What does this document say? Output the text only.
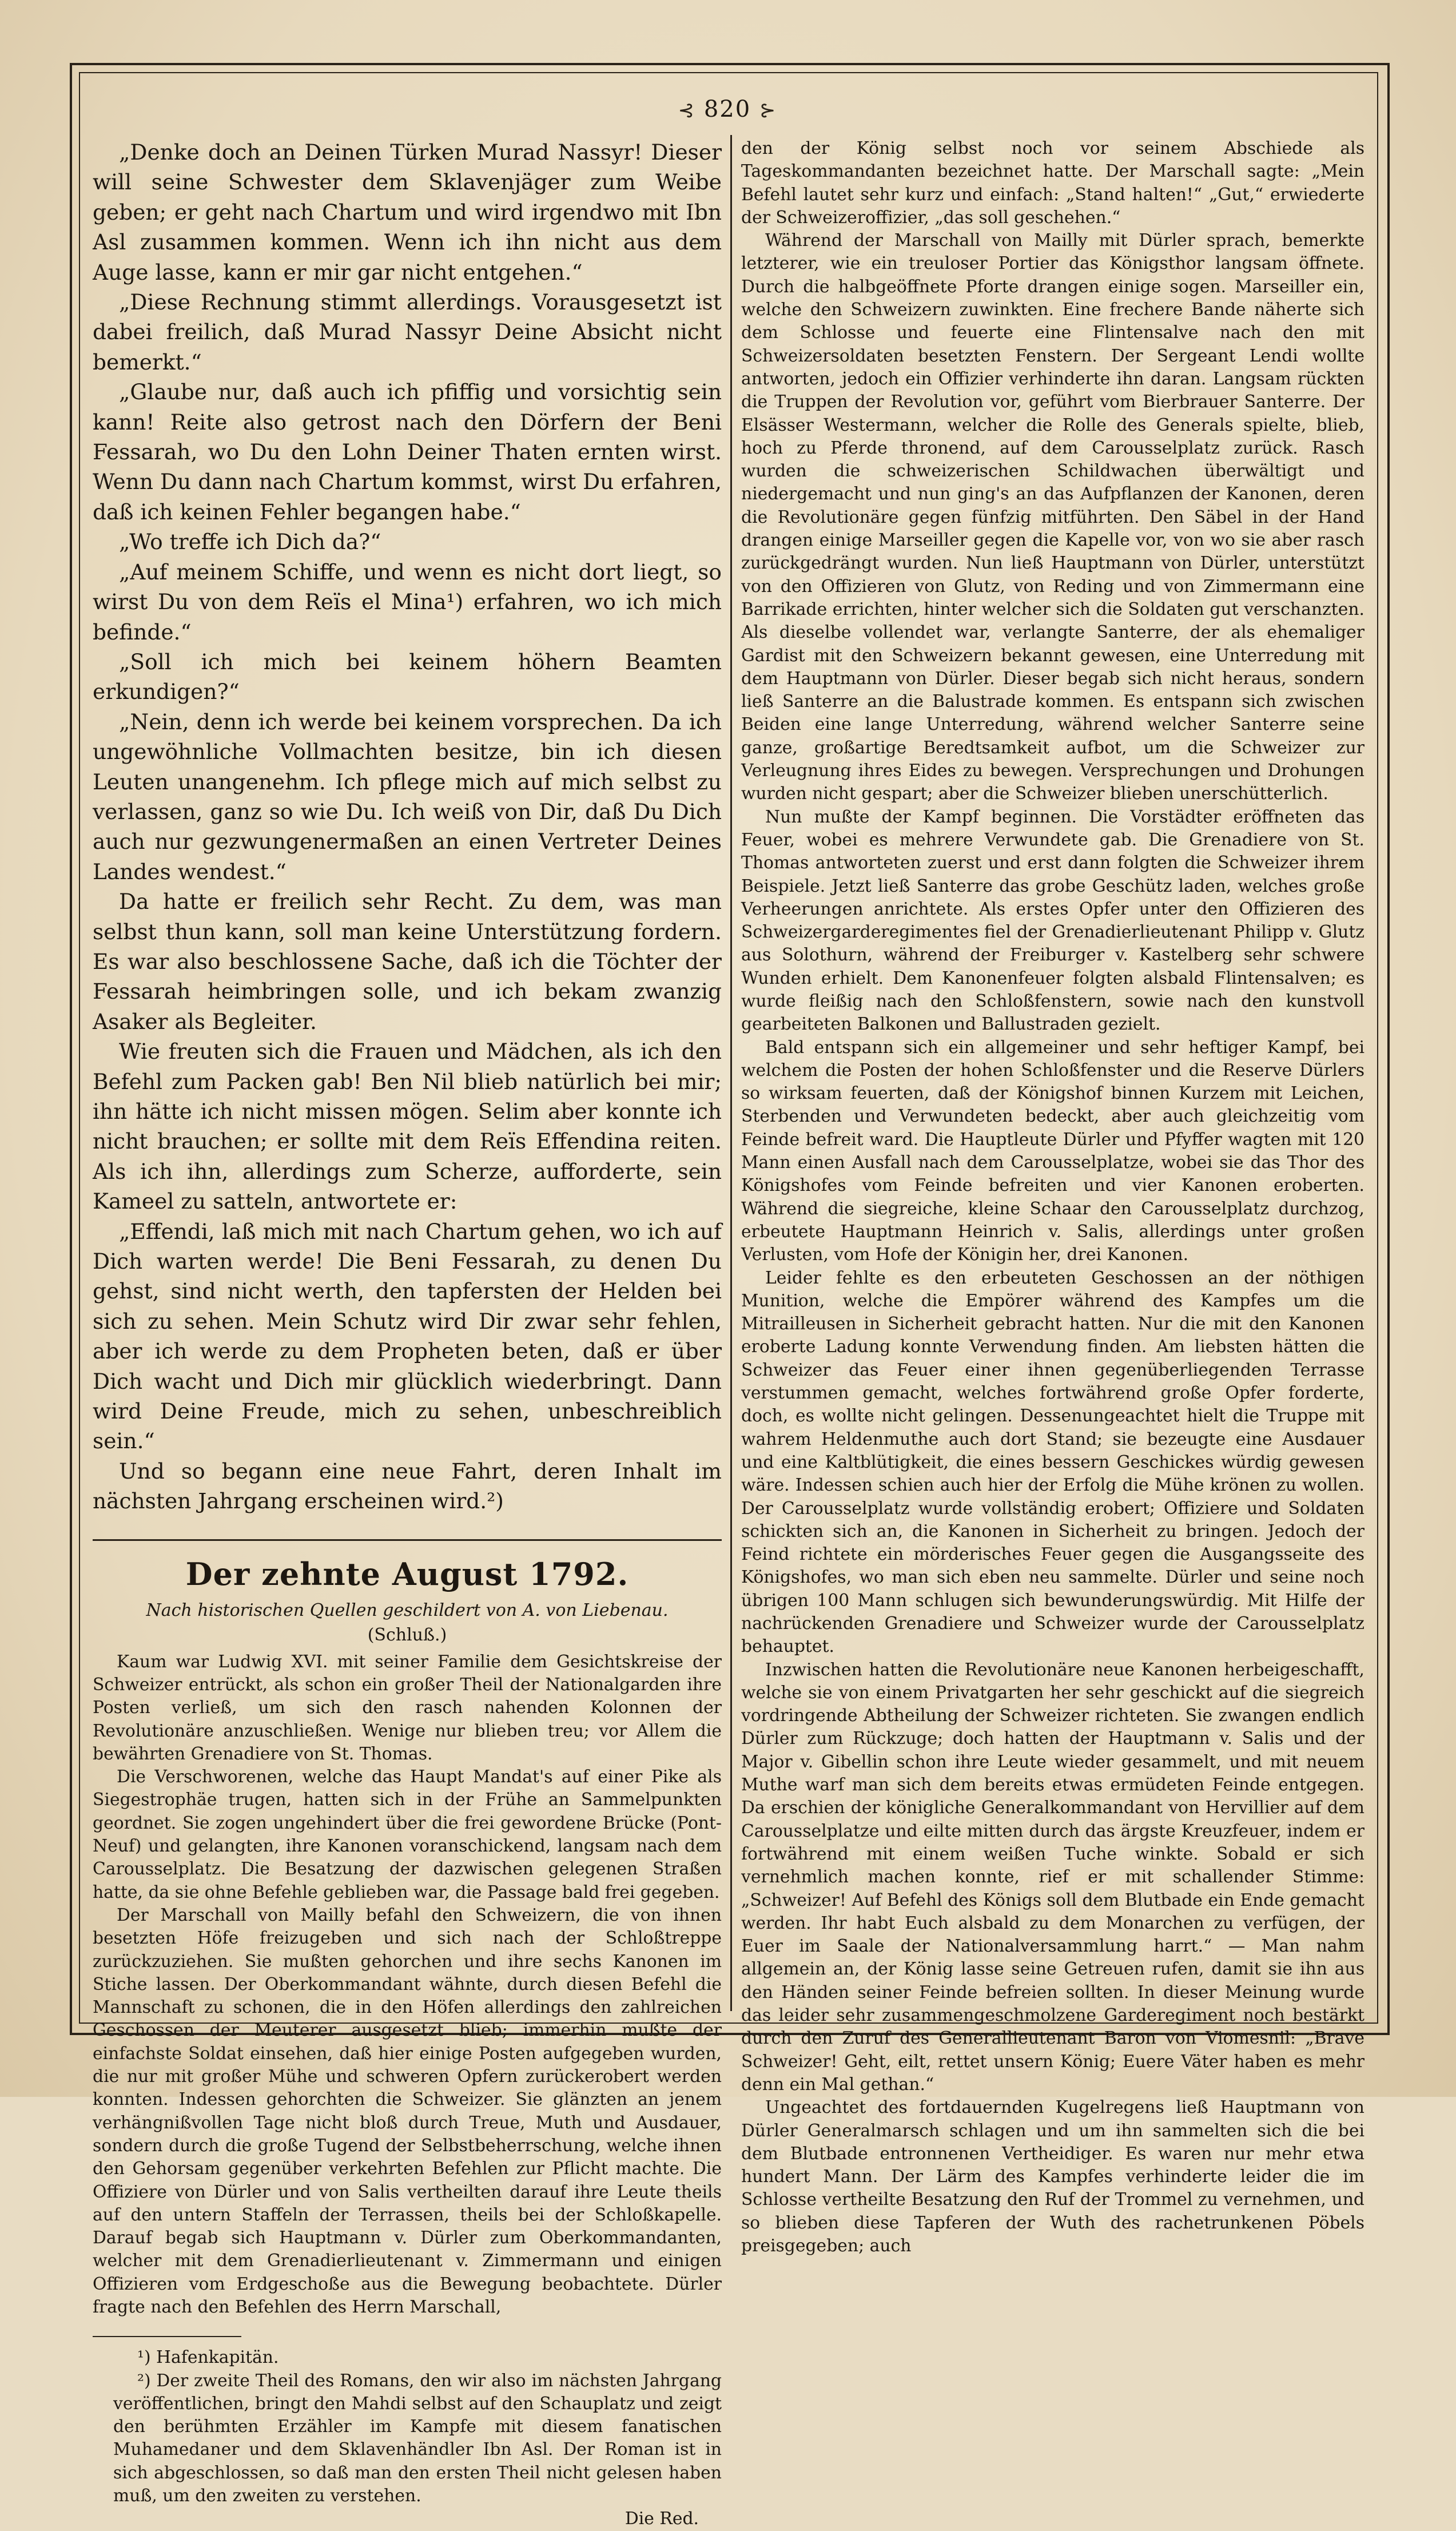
⊰ 820 ⊱

„Denke doch an Deinen Türken Murad Nassyr! Dieser will seine Schwester dem Sklavenjäger zum Weibe geben; er geht nach Chartum und wird irgendwo mit Ibn Asl zusammen kommen. Wenn ich ihn nicht aus dem Auge lasse, kann er mir gar nicht entgehen.“

„Diese Rechnung stimmt allerdings. Vorausgesetzt ist dabei freilich, daß Murad Nassyr Deine Absicht nicht bemerkt.“

„Glaube nur, daß auch ich pfiffig und vorsichtig sein kann! Reite also getrost nach den Dörfern der Beni Fessarah, wo Du den Lohn Deiner Thaten ernten wirst. Wenn Du dann nach Chartum kommst, wirst Du erfahren, daß ich keinen Fehler begangen habe.“

„Wo treffe ich Dich da?“

„Auf meinem Schiffe, und wenn es nicht dort liegt, so wirst Du von dem Reïs el Mina¹) erfahren, wo ich mich befinde.“

„Soll ich mich bei keinem höhern Beamten erkundigen?“

„Nein, denn ich werde bei keinem vorsprechen. Da ich ungewöhnliche Vollmachten besitze, bin ich diesen Leuten unangenehm. Ich pflege mich auf mich selbst zu verlassen, ganz so wie Du. Ich weiß von Dir, daß Du Dich auch nur gezwungenermaßen an einen Vertreter Deines Landes wendest.“

Da hatte er freilich sehr Recht. Zu dem, was man selbst thun kann, soll man keine Unterstützung fordern. Es war also beschlossene Sache, daß ich die Töchter der Fessarah heimbringen solle, und ich bekam zwanzig Asaker als Begleiter.

Wie freuten sich die Frauen und Mädchen, als ich den Befehl zum Packen gab! Ben Nil blieb natürlich bei mir; ihn hätte ich nicht missen mögen. Selim aber konnte ich nicht brauchen; er sollte mit dem Reïs Effendina reiten. Als ich ihn, allerdings zum Scherze, aufforderte, sein Kameel zu satteln, antwortete er:

„Effendi, laß mich mit nach Chartum gehen, wo ich auf Dich warten werde! Die Beni Fessarah, zu denen Du gehst, sind nicht werth, den tapfersten der Helden bei sich zu sehen. Mein Schutz wird Dir zwar sehr fehlen, aber ich werde zu dem Propheten beten, daß er über Dich wacht und Dich mir glücklich wiederbringt. Dann wird Deine Freude, mich zu sehen, unbeschreiblich sein.“

Und so begann eine neue Fahrt, deren Inhalt im nächsten Jahrgang erscheinen wird.²)

Der zehnte August 1792.
Nach historischen Quellen geschildert von A. von Liebenau.
(Schluß.)

Kaum war Ludwig XVI. mit seiner Familie dem Gesichtskreise der Schweizer entrückt, als schon ein großer Theil der Nationalgarden ihre Posten verließ, um sich den rasch nahenden Kolonnen der Revolutionäre anzuschließen. Wenige nur blieben treu; vor Allem die bewährten Grenadiere von St. Thomas.

Die Verschworenen, welche das Haupt Mandat's auf einer Pike als Siegestrophäe trugen, hatten sich in der Frühe an Sammelpunkten geordnet. Sie zogen ungehindert über die frei gewordene Brücke (Pont-Neuf) und gelangten, ihre Kanonen voranschickend, langsam nach dem Carousselplatz. Die Besatzung der dazwischen gelegenen Straßen hatte, da sie ohne Befehle geblieben war, die Passage bald frei gegeben.

Der Marschall von Mailly befahl den Schweizern, die von ihnen besetzten Höfe freizugeben und sich nach der Schloßtreppe zurückzuziehen. Sie mußten gehorchen und ihre sechs Kanonen im Stiche lassen. Der Oberkommandant wähnte, durch diesen Befehl die Mannschaft zu schonen, die in den Höfen allerdings den zahlreichen Geschossen der Meuterer ausgesetzt blieb; immerhin mußte der einfachste Soldat einsehen, daß hier einige Posten aufgegeben wurden, die nur mit großer Mühe und schweren Opfern zurückerobert werden konnten. Indessen gehorchten die Schweizer. Sie glänzten an jenem verhängnißvollen Tage nicht bloß durch Treue, Muth und Ausdauer, sondern durch die große Tugend der Selbstbeherrschung, welche ihnen den Gehorsam gegenüber verkehrten Befehlen zur Pflicht machte. Die Offiziere von Dürler und von Salis vertheilten darauf ihre Leute theils auf den untern Staffeln der Terrassen, theils bei der Schloßkapelle. Darauf begab sich Hauptmann v. Dürler zum Oberkommandanten, welcher mit dem Grenadierlieutenant v. Zimmermann und einigen Offizieren vom Erdgeschoße aus die Bewegung beobachtete. Dürler fragte nach den Befehlen des Herrn Marschall,

¹) Hafenkapitän.

²) Der zweite Theil des Romans, den wir also im nächsten Jahrgang veröffentlichen, bringt den Mahdi selbst auf den Schauplatz und zeigt den berühmten Erzähler im Kampfe mit diesem fanatischen Muhamedaner und dem Sklavenhändler Ibn Asl. Der Roman ist in sich abgeschlossen, so daß man den ersten Theil nicht gelesen haben muß, um den zweiten zu verstehen.

Die Red.

den der König selbst noch vor seinem Abschiede als Tageskommandanten bezeichnet hatte. Der Marschall sagte: „Mein Befehl lautet sehr kurz und einfach: „Stand halten!“ „Gut,“ erwiederte der Schweizeroffizier, „das soll geschehen.“

Während der Marschall von Mailly mit Dürler sprach, bemerkte letzterer, wie ein treuloser Portier das Königsthor langsam öffnete. Durch die halbgeöffnete Pforte drangen einige sogen. Marseiller ein, welche den Schweizern zuwinkten. Eine frechere Bande näherte sich dem Schlosse und feuerte eine Flintensalve nach den mit Schweizersoldaten besetzten Fenstern. Der Sergeant Lendi wollte antworten, jedoch ein Offizier verhinderte ihn daran. Langsam rückten die Truppen der Revolution vor, geführt vom Bierbrauer Santerre. Der Elsässer Westermann, welcher die Rolle des Generals spielte, blieb, hoch zu Pferde thronend, auf dem Carousselplatz zurück. Rasch wurden die schweizerischen Schildwachen überwältigt und niedergemacht und nun ging's an das Aufpflanzen der Kanonen, deren die Revolutionäre gegen fünfzig mitführten. Den Säbel in der Hand drangen einige Marseiller gegen die Kapelle vor, von wo sie aber rasch zurückgedrängt wurden. Nun ließ Hauptmann von Dürler, unterstützt von den Offizieren von Glutz, von Reding und von Zimmermann eine Barrikade errichten, hinter welcher sich die Soldaten gut verschanzten. Als dieselbe vollendet war, verlangte Santerre, der als ehemaliger Gardist mit den Schweizern bekannt gewesen, eine Unterredung mit dem Hauptmann von Dürler. Dieser begab sich nicht heraus, sondern ließ Santerre an die Balustrade kommen. Es entspann sich zwischen Beiden eine lange Unterredung, während welcher Santerre seine ganze, großartige Beredtsamkeit aufbot, um die Schweizer zur Verleugnung ihres Eides zu bewegen. Versprechungen und Drohungen wurden nicht gespart; aber die Schweizer blieben unerschütterlich.

Nun mußte der Kampf beginnen. Die Vorstädter eröffneten das Feuer, wobei es mehrere Verwundete gab. Die Grenadiere von St. Thomas antworteten zuerst und erst dann folgten die Schweizer ihrem Beispiele. Jetzt ließ Santerre das grobe Geschütz laden, welches große Verheerungen anrichtete. Als erstes Opfer unter den Offizieren des Schweizergarderegimentes fiel der Grenadierlieutenant Philipp v. Glutz aus Solothurn, während der Freiburger v. Kastelberg sehr schwere Wunden erhielt. Dem Kanonenfeuer folgten alsbald Flintensalven; es wurde fleißig nach den Schloßfenstern, sowie nach den kunstvoll gearbeiteten Balkonen und Ballustraden gezielt.

Bald entspann sich ein allgemeiner und sehr heftiger Kampf, bei welchem die Posten der hohen Schloßfenster und die Reserve Dürlers so wirksam feuerten, daß der Königshof binnen Kurzem mit Leichen, Sterbenden und Verwundeten bedeckt, aber auch gleichzeitig vom Feinde befreit ward. Die Hauptleute Dürler und Pfyffer wagten mit 120 Mann einen Ausfall nach dem Carousselplatze, wobei sie das Thor des Königshofes vom Feinde befreiten und vier Kanonen eroberten. Während die siegreiche, kleine Schaar den Carousselplatz durchzog, erbeutete Hauptmann Heinrich v. Salis, allerdings unter großen Verlusten, vom Hofe der Königin her, drei Kanonen.

Leider fehlte es den erbeuteten Geschossen an der nöthigen Munition, welche die Empörer während des Kampfes um die Mitrailleusen in Sicherheit gebracht hatten. Nur die mit den Kanonen eroberte Ladung konnte Verwendung finden. Am liebsten hätten die Schweizer das Feuer einer ihnen gegenüberliegenden Terrasse verstummen gemacht, welches fortwährend große Opfer forderte, doch, es wollte nicht gelingen. Dessenungeachtet hielt die Truppe mit wahrem Heldenmuthe auch dort Stand; sie bezeugte eine Ausdauer und eine Kaltblütigkeit, die eines bessern Geschickes würdig gewesen wäre. Indessen schien auch hier der Erfolg die Mühe krönen zu wollen. Der Carousselplatz wurde vollständig erobert; Offiziere und Soldaten schickten sich an, die Kanonen in Sicherheit zu bringen. Jedoch der Feind richtete ein mörderisches Feuer gegen die Ausgangsseite des Königshofes, wo man sich eben neu sammelte. Dürler und seine noch übrigen 100 Mann schlugen sich bewunderungswürdig. Mit Hilfe der nachrückenden Grenadiere und Schweizer wurde der Carousselplatz behauptet.

Inzwischen hatten die Revolutionäre neue Kanonen herbeigeschafft, welche sie von einem Privatgarten her sehr geschickt auf die siegreich vordringende Abtheilung der Schweizer richteten. Sie zwangen endlich Dürler zum Rückzuge; doch hatten der Hauptmann v. Salis und der Major v. Gibellin schon ihre Leute wieder gesammelt, und mit neuem Muthe warf man sich dem bereits etwas ermüdeten Feinde entgegen. Da erschien der königliche Generalkommandant von Hervillier auf dem Carousselplatze und eilte mitten durch das ärgste Kreuzfeuer, indem er fortwährend mit einem weißen Tuche winkte. Sobald er sich vernehmlich machen konnte, rief er mit schallender Stimme: „Schweizer! Auf Befehl des Königs soll dem Blutbade ein Ende gemacht werden. Ihr habt Euch alsbald zu dem Monarchen zu verfügen, der Euer im Saale der Nationalversammlung harrt.“ — Man nahm allgemein an, der König lasse seine Getreuen rufen, damit sie ihn aus den Händen seiner Feinde befreien sollten. In dieser Meinung wurde das leider sehr zusammengeschmolzene Garderegiment noch bestärkt durch den Zuruf des Generallieutenant Baron von Viomesnil: „Brave Schweizer! Geht, eilt, rettet unsern König; Euere Väter haben es mehr denn ein Mal gethan.“

Ungeachtet des fortdauernden Kugelregens ließ Hauptmann von Dürler Generalmarsch schlagen und um ihn sammelten sich die bei dem Blutbade entronnenen Vertheidiger. Es waren nur mehr etwa hundert Mann. Der Lärm des Kampfes verhinderte leider die im Schlosse vertheilte Besatzung den Ruf der Trommel zu vernehmen, und so blieben diese Tapferen der Wuth des rachetrunkenen Pöbels preisgegeben; auch
